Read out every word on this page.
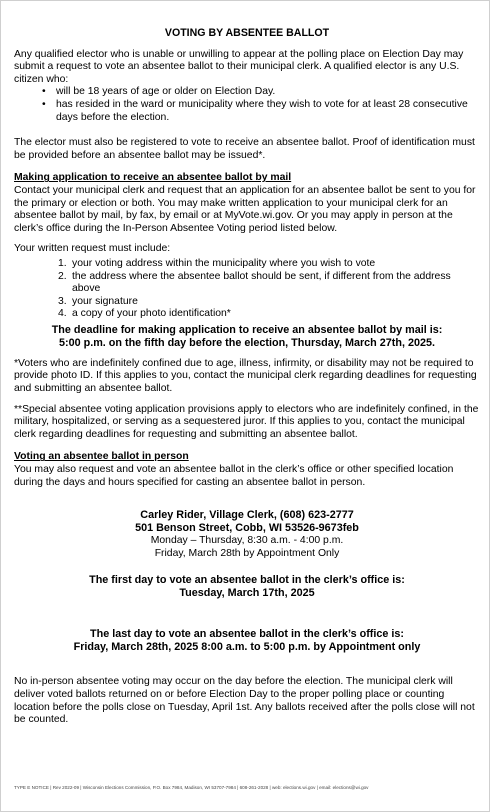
VOTING BY ABSENTEE BALLOT

Any qualified elector who is unable or unwilling to appear at the polling place on Election Day may submit a request to vote an absentee ballot to their municipal clerk. A qualified elector is any U.S. citizen who:

• will be 18 years of age or older on Election Day.
• has resided in the ward or municipality where they wish to vote for at least 28 consecutive days before the election.

The elector must also be registered to vote to receive an absentee ballot. Proof of identification must be provided before an absentee ballot may be issued*.

Making application to receive an absentee ballot by mail

Contact your municipal clerk and request that an application for an absentee ballot be sent to you for the primary or election or both. You may make written application to your municipal clerk for an absentee ballot by mail, by fax, by email or at MyVote.wi.gov. Or you may apply in person at the clerk’s office during the In-Person Absentee Voting period listed below.

Your written request must include:

1. your voting address within the municipality where you wish to vote
2. the address where the absentee ballot should be sent, if different from the address above
3. your signature
4. a copy of your photo identification*
The deadline for making application to receive an absentee ballot by mail is:
5:00 p.m. on the fifth day before the election, Thursday, March 27th, 2025.

*Voters who are indefinitely confined due to age, illness, infirmity, or disability may not be required to provide photo ID. If this applies to you, contact the municipal clerk regarding deadlines for requesting and submitting an absentee ballot.

**Special absentee voting application provisions apply to electors who are indefinitely confined, in the military, hospitalized, or serving as a sequestered juror. If this applies to you, contact the municipal clerk regarding deadlines for requesting and submitting an absentee ballot.

Voting an absentee ballot in person

You may also request and vote an absentee ballot in the clerk’s office or other specified location during the days and hours specified for casting an absentee ballot in person.

Carley Rider, Village Clerk, (608) 623-2777
501 Benson Street, Cobb, WI 53526-9673feb
Monday – Thursday, 8:30 a.m. - 4:00 p.m.
Friday, March 28th by Appointment Only
The first day to vote an absentee ballot in the clerk’s office is:
Tuesday, March 17th, 2025
The last day to vote an absentee ballot in the clerk’s office is:
Friday, March 28th, 2025 8:00 a.m. to 5:00 p.m. by Appointment only

No in-person absentee voting may occur on the day before the election. The municipal clerk will deliver voted ballots returned on or before Election Day to the proper polling place or counting location before the polls close on Tuesday, April 1st. Any ballots received after the polls close will not be counted.

TYPE E NOTICE | Rev 2022-09 | Wisconsin Elections Commission, P.O. Box 7984, Madison, WI 53707-7984 | 608-261-2028 | web: elections.wi.gov | email: elections@wi.gov
